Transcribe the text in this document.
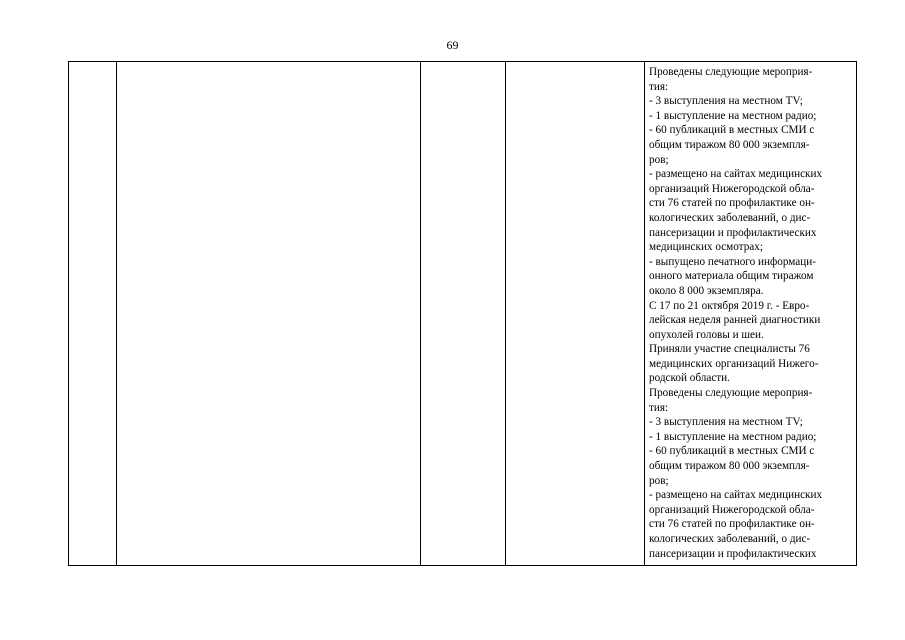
69

Проведены следующие мероприя-
тия:
- 3 выступления на местном TV;
- 1 выступление на местном радио;
- 60 публикаций в местных СМИ с
общим тиражом 80 000 экземпля-
ров;
- размещено на сайтах медицинских
организаций Нижегородской обла-
сти 76 статей по профилактике он-
кологических заболеваний, о дис-
пансеризации и профилактических
медицинских осмотрах;
- выпущено печатного информаци-
онного материала общим тиражом
около 8 000 экземпляра.
С 17 по 21 октября 2019 г. - Евро-
лейская неделя ранней диагностики
опухолей головы и шеи.
Приняли участие специалисты 76
медицинских организаций Нижего-
родской области.
Проведены следующие мероприя-
тия:
- 3 выступления на местном TV;
- 1 выступление на местном радио;
- 60 публикаций в местных СМИ с
общим тиражом 80 000 экземпля-
ров;
- размещено на сайтах медицинских
организаций Нижегородской обла-
сти 76 статей по профилактике он-
кологических заболеваний, о дис-
пансеризации и профилактических
